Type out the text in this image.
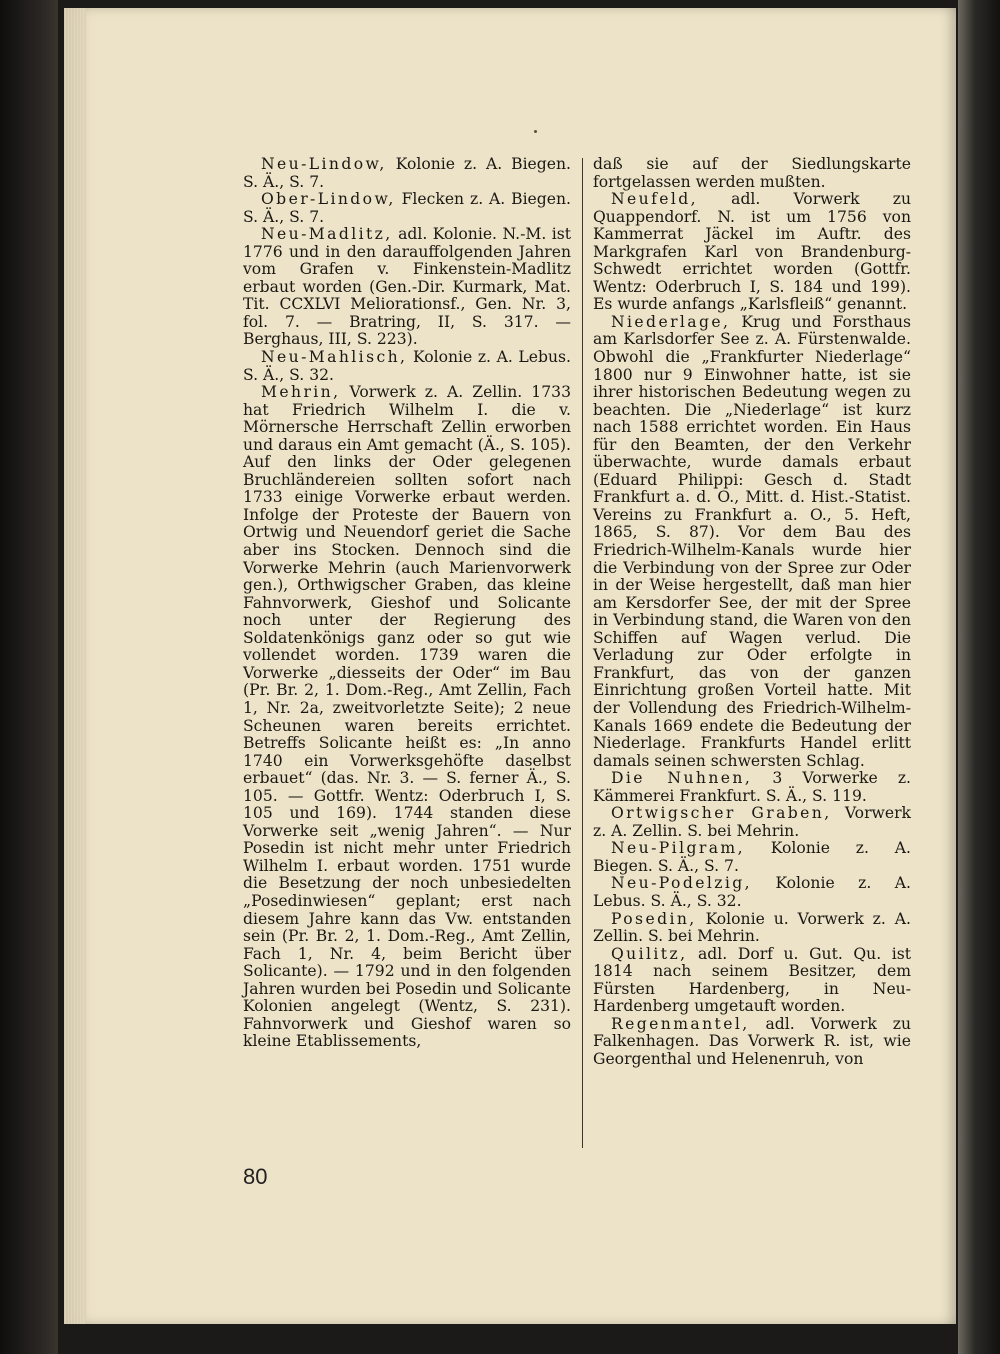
Neu-Lindow, Kolonie z. A. Biegen. S. Ä., S. 7.

Ober-Lindow, Flecken z. A. Biegen. S. Ä., S. 7.

Neu-Madlitz, adl. Kolonie. N.-M. ist 1776 und in den darauffolgenden Jahren vom Grafen v. Finkenstein-Madlitz erbaut worden (Gen.-Dir. Kurmark, Mat. Tit. CCXLVI Meliorationsf., Gen. Nr. 3, fol. 7. — Bratring, II, S. 317. — Berghaus, III, S. 223).

Neu-Mahlisch, Kolonie z. A. Lebus. S. Ä., S. 32.

Mehrin, Vorwerk z. A. Zellin. 1733 hat Friedrich Wilhelm I. die v. Mörnersche Herrschaft Zellin erworben und daraus ein Amt gemacht (Ä., S. 105). Auf den links der Oder gelegenen Bruchländereien sollten sofort nach 1733 einige Vorwerke erbaut werden. Infolge der Proteste der Bauern von Ortwig und Neuendorf geriet die Sache aber ins Stocken. Dennoch sind die Vorwerke Mehrin (auch Marienvorwerk gen.), Orthwigscher Graben, das kleine Fahnvorwerk, Gieshof und Solicante noch unter der Regierung des Soldatenkönigs ganz oder so gut wie vollendet worden. 1739 waren die Vorwerke „diesseits der Oder“ im Bau (Pr. Br. 2, 1. Dom.-Reg., Amt Zellin, Fach 1, Nr. 2a, zweitvorletzte Seite); 2 neue Scheunen waren bereits errichtet. Betreffs Solicante heißt es: „In anno 1740 ein Vorwerksgehöfte daselbst erbauet“ (das. Nr. 3. — S. ferner Ä., S. 105. — Gottfr. Wentz: Oderbruch I, S. 105 und 169). 1744 standen diese Vorwerke seit „wenig Jahren“. — Nur Posedin ist nicht mehr unter Friedrich Wilhelm I. erbaut worden. 1751 wurde die Besetzung der noch unbesiedelten „Posedinwiesen“ geplant; erst nach diesem Jahre kann das Vw. entstanden sein (Pr. Br. 2, 1. Dom.-Reg., Amt Zellin, Fach 1, Nr. 4, beim Bericht über Solicante). — 1792 und in den folgenden Jahren wurden bei Posedin und Solicante Kolonien angelegt (Wentz, S. 231). Fahnvorwerk und Gieshof waren so kleine Etablissements,

daß sie auf der Siedlungskarte fortgelassen werden mußten.

Neufeld, adl. Vorwerk zu Quappendorf. N. ist um 1756 von Kammerrat Jäckel im Auftr. des Markgrafen Karl von Brandenburg-Schwedt errichtet worden (Gottfr. Wentz: Oderbruch I, S. 184 und 199). Es wurde anfangs „Karlsfleiß“ genannt.

Niederlage, Krug und Forsthaus am Karlsdorfer See z. A. Fürstenwalde. Obwohl die „Frankfurter Niederlage“ 1800 nur 9 Einwohner hatte, ist sie ihrer historischen Bedeutung wegen zu beachten. Die „Niederlage“ ist kurz nach 1588 errichtet worden. Ein Haus für den Beamten, der den Verkehr überwachte, wurde damals erbaut (Eduard Philippi: Gesch d. Stadt Frankfurt a. d. O., Mitt. d. Hist.-Statist. Vereins zu Frankfurt a. O., 5. Heft, 1865, S. 87). Vor dem Bau des Friedrich-Wilhelm-Kanals wurde hier die Verbindung von der Spree zur Oder in der Weise hergestellt, daß man hier am Kersdorfer See, der mit der Spree in Verbindung stand, die Waren von den Schiffen auf Wagen verlud. Die Verladung zur Oder erfolgte in Frankfurt, das von der ganzen Einrichtung großen Vorteil hatte. Mit der Vollendung des Friedrich-Wilhelm-Kanals 1669 endete die Bedeutung der Niederlage. Frankfurts Handel erlitt damals seinen schwersten Schlag.

Die Nuhnen, 3 Vorwerke z. Kämmerei Frankfurt. S. Ä., S. 119.

Ortwigscher Graben, Vorwerk z. A. Zellin. S. bei Mehrin.

Neu-Pilgram, Kolonie z. A. Biegen. S. Ä., S. 7.

Neu-Podelzig, Kolonie z. A. Lebus. S. Ä., S. 32.

Posedin, Kolonie u. Vorwerk z. A. Zellin. S. bei Mehrin.

Quilitz, adl. Dorf u. Gut. Qu. ist 1814 nach seinem Besitzer, dem Fürsten Hardenberg, in Neu-Hardenberg umgetauft worden.

Regenmantel, adl. Vorwerk zu Falkenhagen. Das Vorwerk R. ist, wie Georgenthal und Helenenruh, von

80
